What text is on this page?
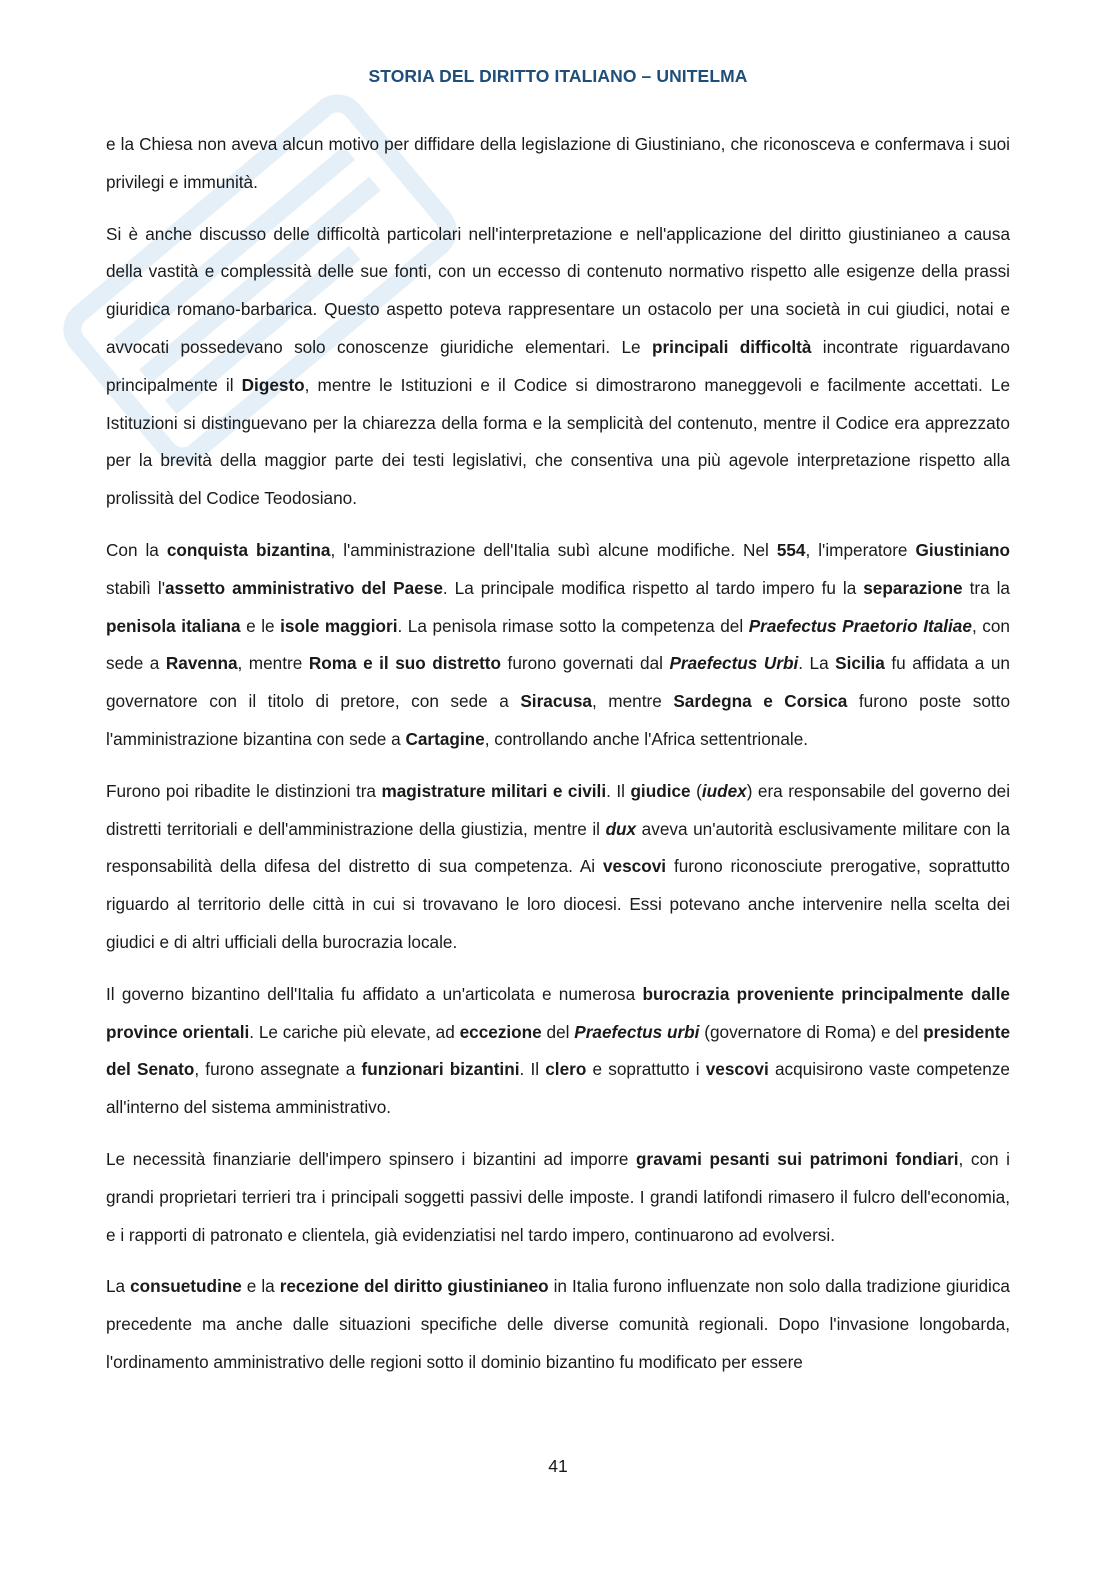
STORIA DEL DIRITTO ITALIANO – UNITELMA

e la Chiesa non aveva alcun motivo per diffidare della legislazione di Giustiniano, che riconosceva e confermava i suoi privilegi e immunità.

Si è anche discusso delle difficoltà particolari nell'interpretazione e nell'applicazione del diritto giustinianeo a causa della vastità e complessità delle sue fonti, con un eccesso di contenuto normativo rispetto alle esigenze della prassi giuridica romano-barbarica. Questo aspetto poteva rappresentare un ostacolo per una società in cui giudici, notai e avvocati possedevano solo conoscenze giuridiche elementari. Le principali difficoltà incontrate riguardavano principalmente il Digesto, mentre le Istituzioni e il Codice si dimostrarono maneggevoli e facilmente accettati. Le Istituzioni si distinguevano per la chiarezza della forma e la semplicità del contenuto, mentre il Codice era apprezzato per la brevità della maggior parte dei testi legislativi, che consentiva una più agevole interpretazione rispetto alla prolissità del Codice Teodosiano.

Con la conquista bizantina, l'amministrazione dell'Italia subì alcune modifiche. Nel 554, l'imperatore Giustiniano stabilì l'assetto amministrativo del Paese. La principale modifica rispetto al tardo impero fu la separazione tra la penisola italiana e le isole maggiori. La penisola rimase sotto la competenza del Praefectus Praetorio Italiae, con sede a Ravenna, mentre Roma e il suo distretto furono governati dal Praefectus Urbi. La Sicilia fu affidata a un governatore con il titolo di pretore, con sede a Siracusa, mentre Sardegna e Corsica furono poste sotto l'amministrazione bizantina con sede a Cartagine, controllando anche l'Africa settentrionale.

Furono poi ribadite le distinzioni tra magistrature militari e civili. Il giudice (iudex) era responsabile del governo dei distretti territoriali e dell'amministrazione della giustizia, mentre il dux aveva un'autorità esclusivamente militare con la responsabilità della difesa del distretto di sua competenza. Ai vescovi furono riconosciute prerogative, soprattutto riguardo al territorio delle città in cui si trovavano le loro diocesi. Essi potevano anche intervenire nella scelta dei giudici e di altri ufficiali della burocrazia locale.

Il governo bizantino dell'Italia fu affidato a un'articolata e numerosa burocrazia proveniente principalmente dalle province orientali. Le cariche più elevate, ad eccezione del Praefectus urbi (governatore di Roma) e del presidente del Senato, furono assegnate a funzionari bizantini. Il clero e soprattutto i vescovi acquisirono vaste competenze all'interno del sistema amministrativo.

Le necessità finanziarie dell'impero spinsero i bizantini ad imporre gravami pesanti sui patrimoni fondiari, con i grandi proprietari terrieri tra i principali soggetti passivi delle imposte. I grandi latifondi rimasero il fulcro dell'economia, e i rapporti di patronato e clientela, già evidenziatisi nel tardo impero, continuarono ad evolversi.

La consuetudine e la recezione del diritto giustinianeo in Italia furono influenzate non solo dalla tradizione giuridica precedente ma anche dalle situazioni specifiche delle diverse comunità regionali. Dopo l'invasione longobarda, l'ordinamento amministrativo delle regioni sotto il dominio bizantino fu modificato per essere

41
